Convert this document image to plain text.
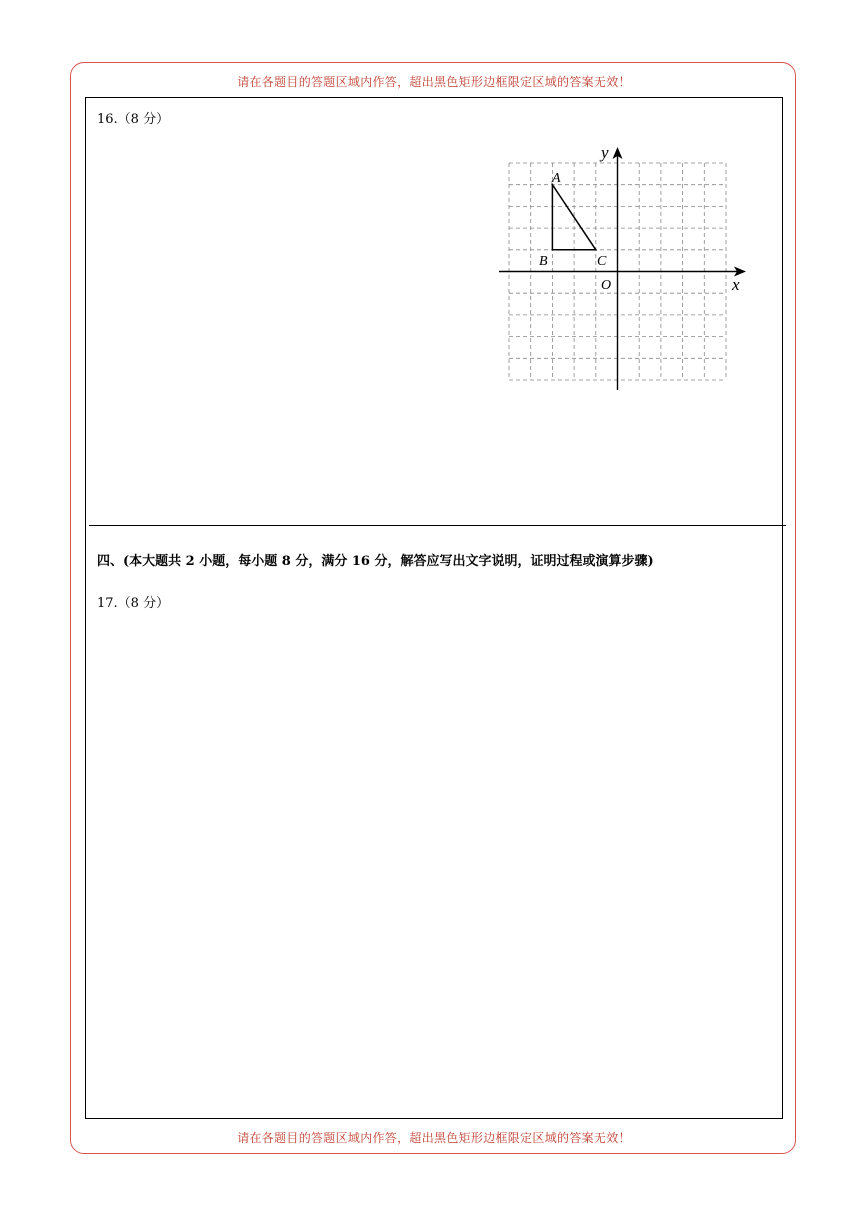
请在各题目的答题区域内作答，超出黑色矩形边框限定区域的答案无效！
16.（8 分）
A
B	C
O	x
y
四、(本大题共 2 小题，每小题 8 分，满分 16 分，解答应写出文字说明，证明过程或演算步骤)
17.（8 分）
请在各题目的答题区域内作答，超出黑色矩形边框限定区域的答案无效！
